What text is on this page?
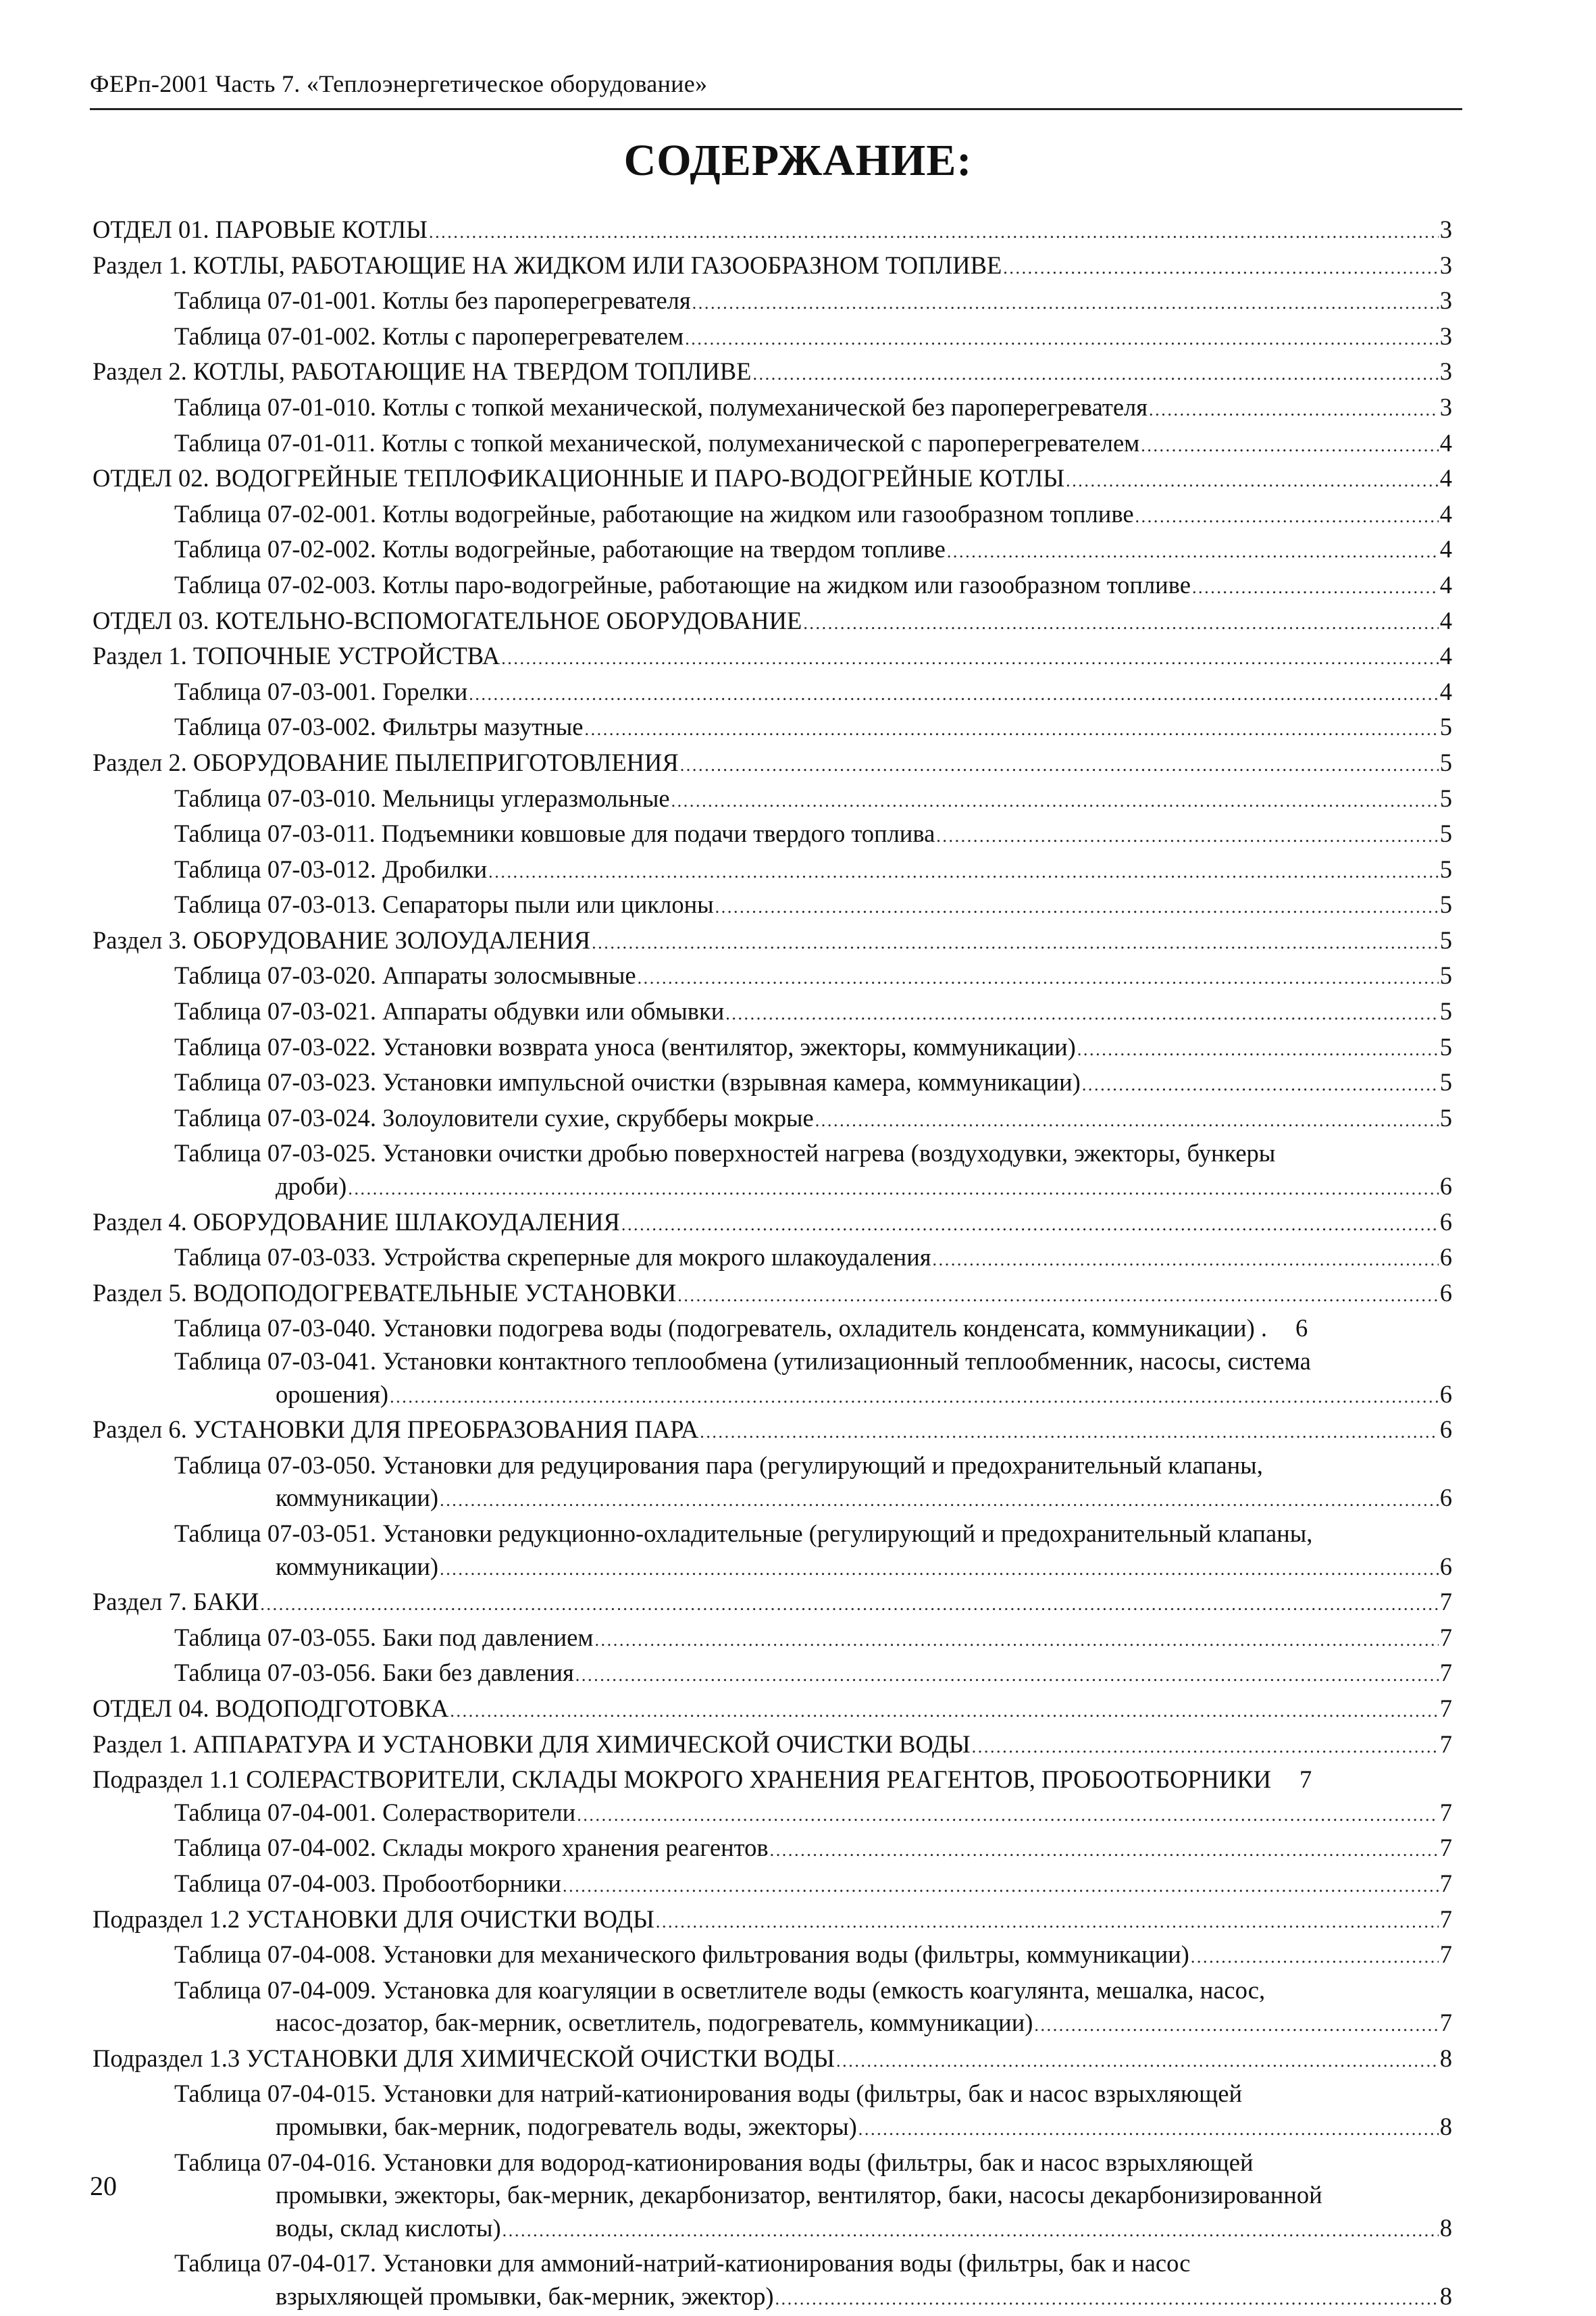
ФЕРп-2001 Часть 7. «Теплоэнергетическое оборудование»
СОДЕРЖАНИЕ:
ОТДЕЛ 01. ПАРОВЫЕ КОТЛЫ .....	3
Раздел 1. КОТЛЫ, РАБОТАЮЩИЕ НА ЖИДКОМ ИЛИ ГАЗООБРАЗНОМ ТОПЛИВЕ .....	3
Таблица 07-01-001. Котлы без пароперегревателя .....	3
Таблица 07-01-002. Котлы с пароперегревателем .....	3
Раздел 2. КОТЛЫ, РАБОТАЮЩИЕ НА ТВЕРДОМ ТОПЛИВЕ .....	3
Таблица 07-01-010. Котлы с топкой механической, полумеханической без пароперегревателя .....	3
Таблица 07-01-011. Котлы с топкой механической, полумеханической с пароперегревателем .....	4
ОТДЕЛ 02. ВОДОГРЕЙНЫЕ ТЕПЛОФИКАЦИОННЫЕ И ПАРО-ВОДОГРЕЙНЫЕ КОТЛЫ .....	4
Таблица 07-02-001. Котлы водогрейные, работающие на жидком или газообразном топливе .....	4
Таблица 07-02-002. Котлы водогрейные, работающие на твердом топливе .....	4
Таблица 07-02-003. Котлы паро-водогрейные, работающие на жидком или газообразном топливе .....	4
ОТДЕЛ 03. КОТЕЛЬНО-ВСПОМОГАТЕЛЬНОЕ ОБОРУДОВАНИЕ .....	4
Раздел 1. ТОПОЧНЫЕ УСТРОЙСТВА .....	4
Таблица 07-03-001. Горелки .....	4
Таблица 07-03-002. Фильтры мазутные .....	5
Раздел 2. ОБОРУДОВАНИЕ ПЫЛЕПРИГОТОВЛЕНИЯ .....	5
Таблица 07-03-010. Мельницы углеразмольные .....	5
Таблица 07-03-011. Подъемники ковшовые для подачи твердого топлива .....	5
Таблица 07-03-012. Дробилки .....	5
Таблица 07-03-013. Сепараторы пыли или циклоны .....	5
Раздел 3. ОБОРУДОВАНИЕ ЗОЛОУДАЛЕНИЯ .....	5
Таблица 07-03-020. Аппараты золосмывные .....	5
Таблица 07-03-021. Аппараты обдувки или обмывки .....	5
Таблица 07-03-022. Установки возврата уноса (вентилятор, эжекторы, коммуникации) .....	5
Таблица 07-03-023. Установки импульсной очистки (взрывная камера, коммуникации) .....	5
Таблица 07-03-024. Золоуловители сухие, скрубберы мокрые .....	5
Таблица 07-03-025. Установки очистки дробью поверхностей нагрева (воздуходувки, эжекторы, бункеры
дроби) .....	6
Раздел 4. ОБОРУДОВАНИЕ ШЛАКОУДАЛЕНИЯ .....	6
Таблица 07-03-033. Устройства скреперные для мокрого шлакоудаления .....	6
Раздел 5. ВОДОПОДОГРЕВАТЕЛЬНЫЕ УСТАНОВКИ .....	6
Таблица 07-03-040. Установки подогрева воды (подогреватель, охладитель конденсата, коммуникации) . 6
Таблица 07-03-041. Установки контактного теплообмена (утилизационный теплообменник, насосы, система
орошения) .....	6
Раздел 6. УСТАНОВКИ ДЛЯ ПРЕОБРАЗОВАНИЯ ПАРА .....	6
Таблица 07-03-050. Установки для редуцирования пара (регулирующий и предохранительный клапаны,
коммуникации) .....	6
Таблица 07-03-051. Установки редукционно-охладительные (регулирующий и предохранительный клапаны,
коммуникации) .....	6
Раздел 7. БАКИ .....	7
Таблица 07-03-055. Баки под давлением .....	7
Таблица 07-03-056. Баки без давления .....	7
ОТДЕЛ 04. ВОДОПОДГОТОВКА .....	7
Раздел 1. АППАРАТУРА И УСТАНОВКИ ДЛЯ ХИМИЧЕСКОЙ ОЧИСТКИ ВОДЫ .....	7
Подраздел 1.1 СОЛЕРАСТВОРИТЕЛИ, СКЛАДЫ МОКРОГО ХРАНЕНИЯ РЕАГЕНТОВ, ПРОБООТБОРНИКИ 7
Таблица 07-04-001. Солерастворители .....	7
Таблица 07-04-002. Склады мокрого хранения реагентов .....	7
Таблица 07-04-003. Пробоотборники .....	7
Подраздел 1.2 УСТАНОВКИ ДЛЯ ОЧИСТКИ ВОДЫ .....	7
Таблица 07-04-008. Установки для механического фильтрования воды (фильтры, коммуникации) .....	7
Таблица 07-04-009. Установка для коагуляции в осветлителе воды (емкость коагулянта, мешалка, насос,
насос-дозатор, бак-мерник, осветлитель, подогреватель, коммуникации) .....	7
Подраздел 1.3 УСТАНОВКИ ДЛЯ ХИМИЧЕСКОЙ ОЧИСТКИ ВОДЫ .....	8
Таблица 07-04-015. Установки для натрий-катионирования воды (фильтры, бак и насос взрыхляющей
промывки, бак-мерник, подогреватель воды, эжекторы) .....	8
Таблица 07-04-016. Установки для водород-катионирования воды (фильтры, бак и насос взрыхляющей
промывки, эжекторы, бак-мерник, декарбонизатор, вентилятор, баки, насосы декарбонизированной
воды, склад кислоты) .....	8
Таблица 07-04-017. Установки для аммоний-натрий-катионирования воды (фильтры, бак и насос
взрыхляющей промывки, бак-мерник, эжектор) .....	8
20
